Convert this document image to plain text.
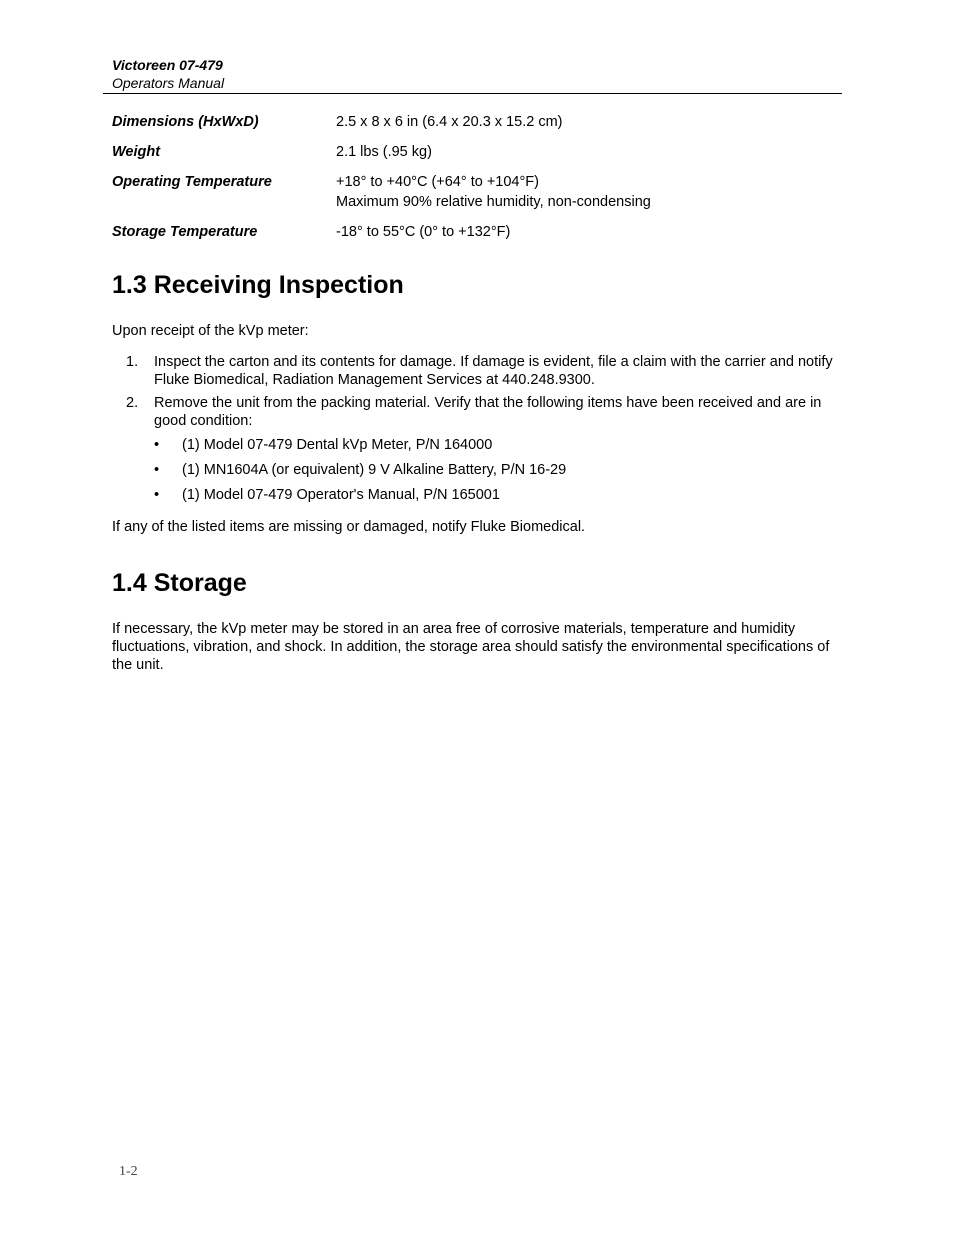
Victoreen 07-479
Operators Manual
Dimensions (HxWxD)	2.5 x 8 x 6 in (6.4 x 20.3 x 15.2 cm)
Weight	2.1 lbs (.95 kg)
Operating Temperature	+18° to +40°C (+64° to +104°F)
Maximum 90% relative humidity, non-condensing
Storage Temperature	-18° to 55°C (0° to +132°F)
1.3 Receiving Inspection

Upon receipt of the kVp meter:

1. Inspect the carton and its contents for damage. If damage is evident, file a claim with the carrier and notify Fluke Biomedical, Radiation Management Services at 440.248.9300.
2. Remove the unit from the packing material. Verify that the following items have been received and are in good condition:
• (1) Model 07-479 Dental kVp Meter, P/N 164000
• (1) MN1604A (or equivalent) 9 V Alkaline Battery, P/N 16-29
• (1) Model 07-479 Operator's Manual, P/N 165001

If any of the listed items are missing or damaged, notify Fluke Biomedical.

1.4 Storage

If necessary, the kVp meter may be stored in an area free of corrosive materials, temperature and humidity fluctuations, vibration, and shock. In addition, the storage area should satisfy the environmental specifications of the unit.

1-2
